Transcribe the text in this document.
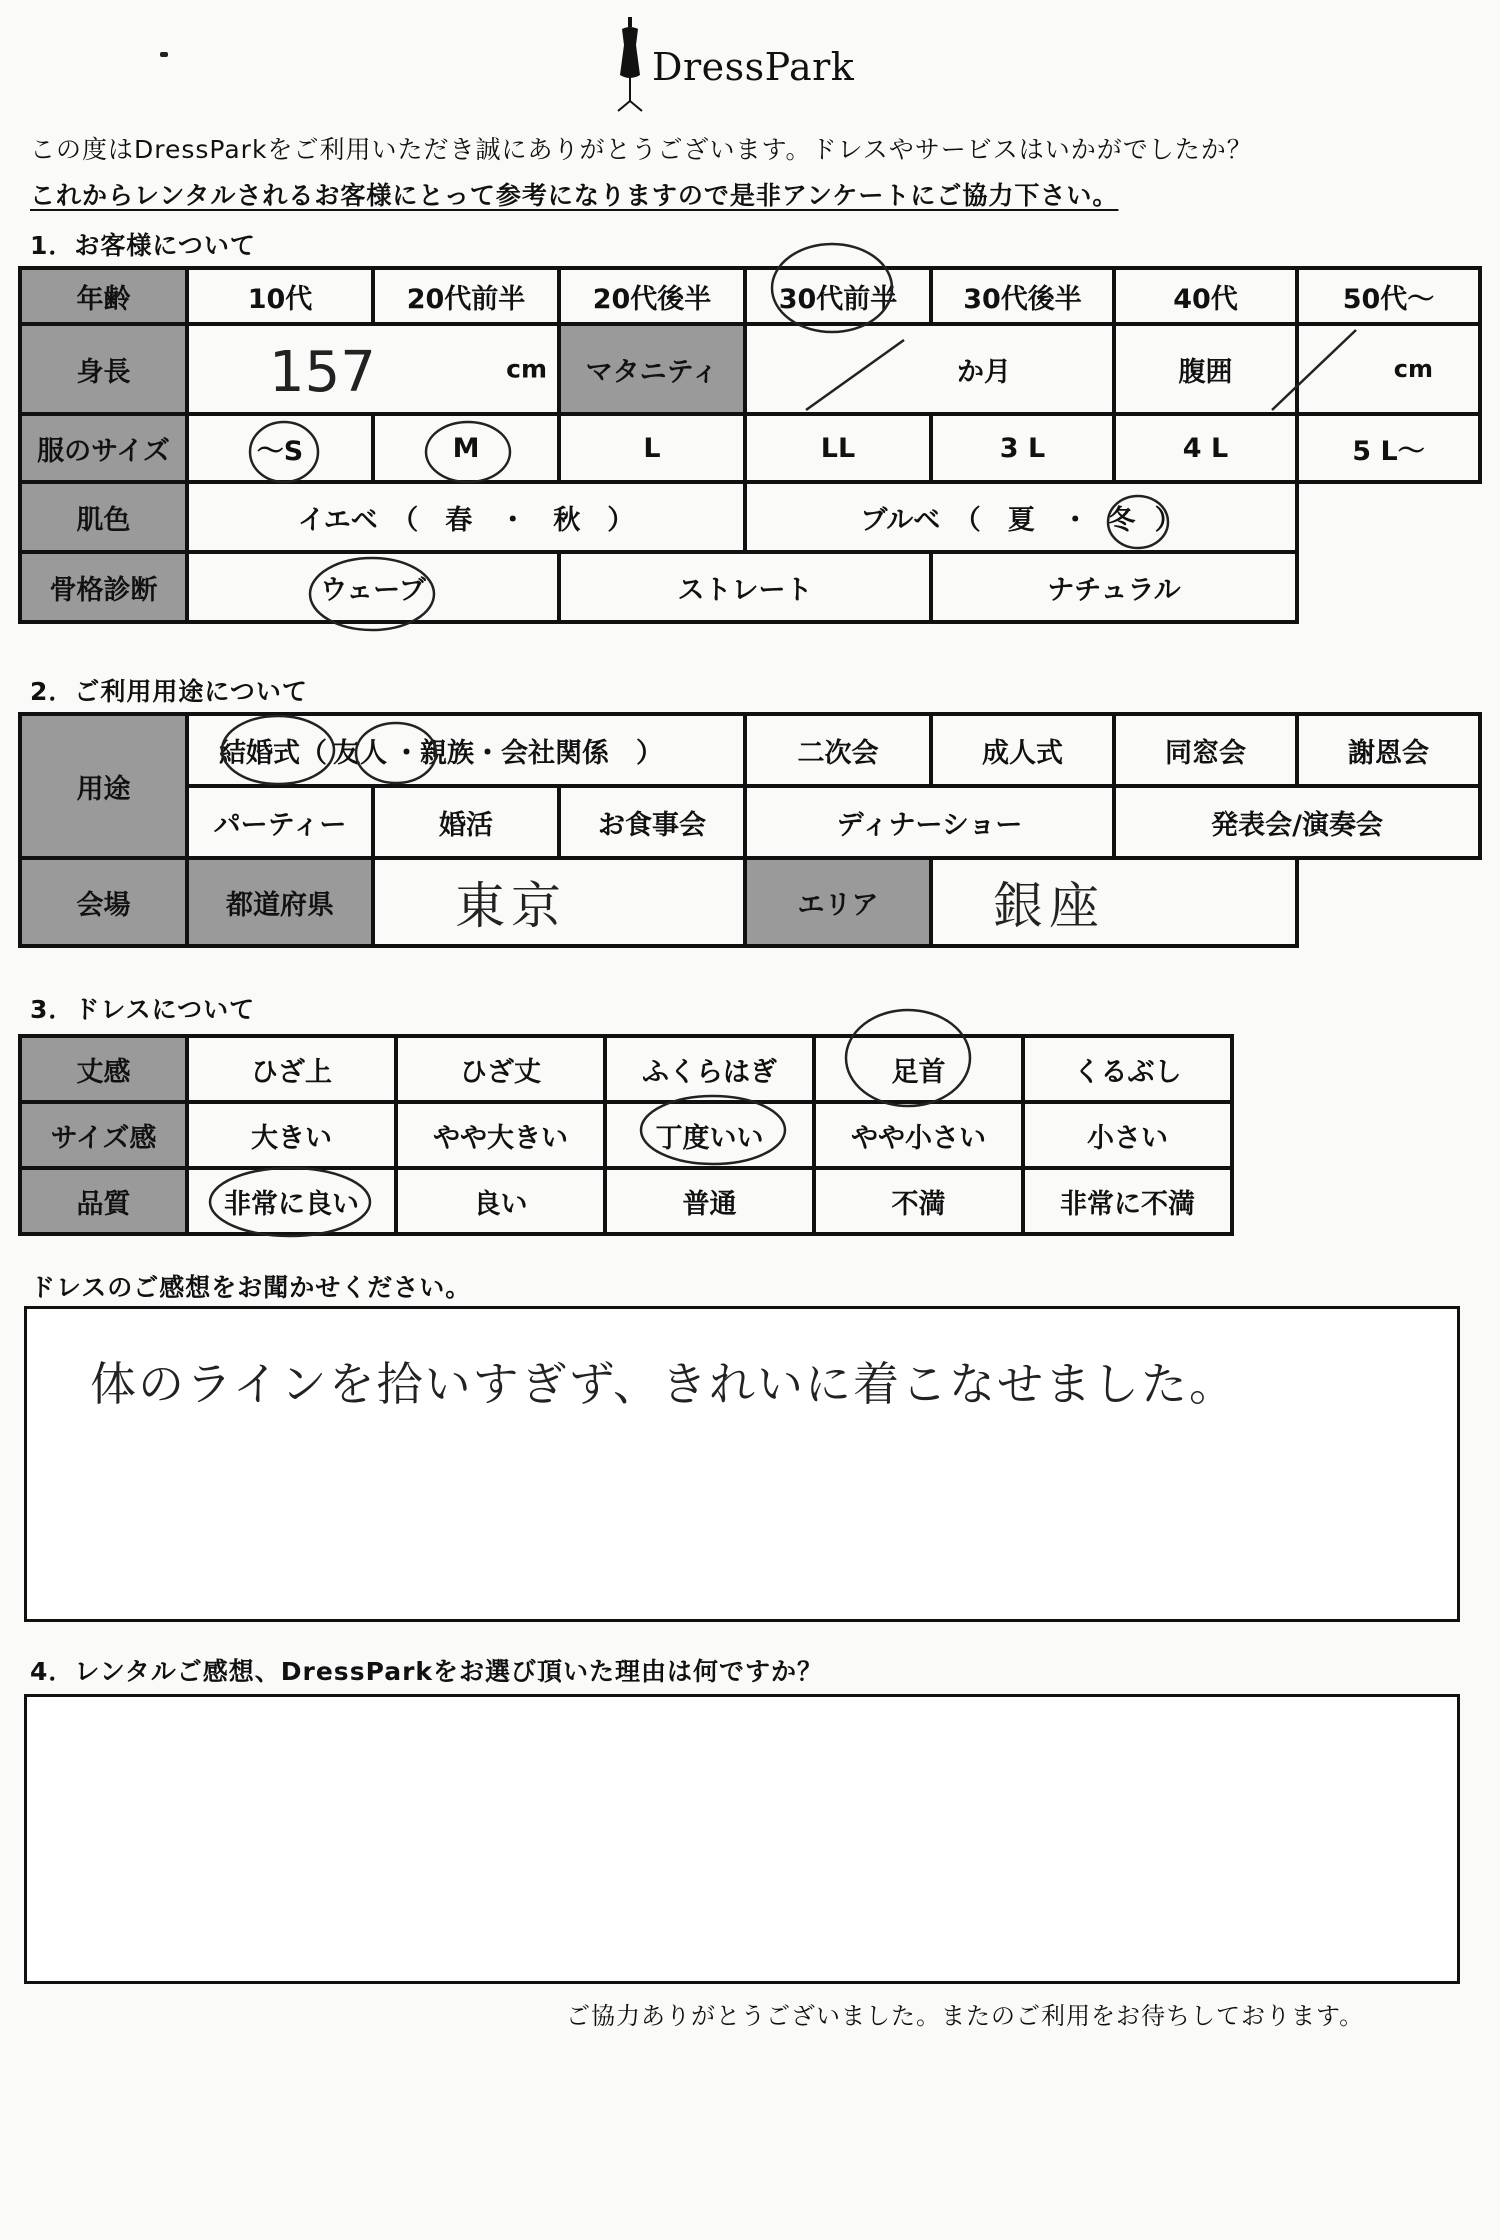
DressPark
この度はDressParkをご利用いただき誠にありがとうございます。ドレスやサービスはいかがでしたか？
これからレンタルされるお客様にとって参考になりますので是非アンケートにご協力下さい。
1．お客様について
年齢	10代	20代前半	20代後半	30代前半	30代後半	40代	50代～
身長	157 cm		マタニティ	か月		腹囲	cm

服のサイズ	～S	M	L	LL	3 L	4 L	5 L～
肌色	イエベ　（　春　・　秋　）			ブルベ　（　夏　・ 冬 ）			
骨格診断	ウェーブ		ストレート		ナチュラル		
2．ご利用用途について
用途	結婚式（ 友人 ・親族・会社関係　）			二次会	成人式	同窓会	謝恩会
	パーティー	婚活	お食事会	ディナーショー		発表会/演奏会	
会場	都道府県	東京		エリア	銀座		
3．ドレスについて
丈感	ひざ上	ひざ丈	ふくらはぎ	足首	くるぶし
サイズ感	大きい	やや大きい	丁度いい	やや小さい	小さい
品質	非常に良い	良い	普通	不満	非常に不満
ドレスのご感想をお聞かせください。
体のラインを拾いすぎず、きれいに着こなせました。
4．レンタルご感想、DressParkをお選び頂いた理由は何ですか？
ご協力ありがとうございました。またのご利用をお待ちしております。
